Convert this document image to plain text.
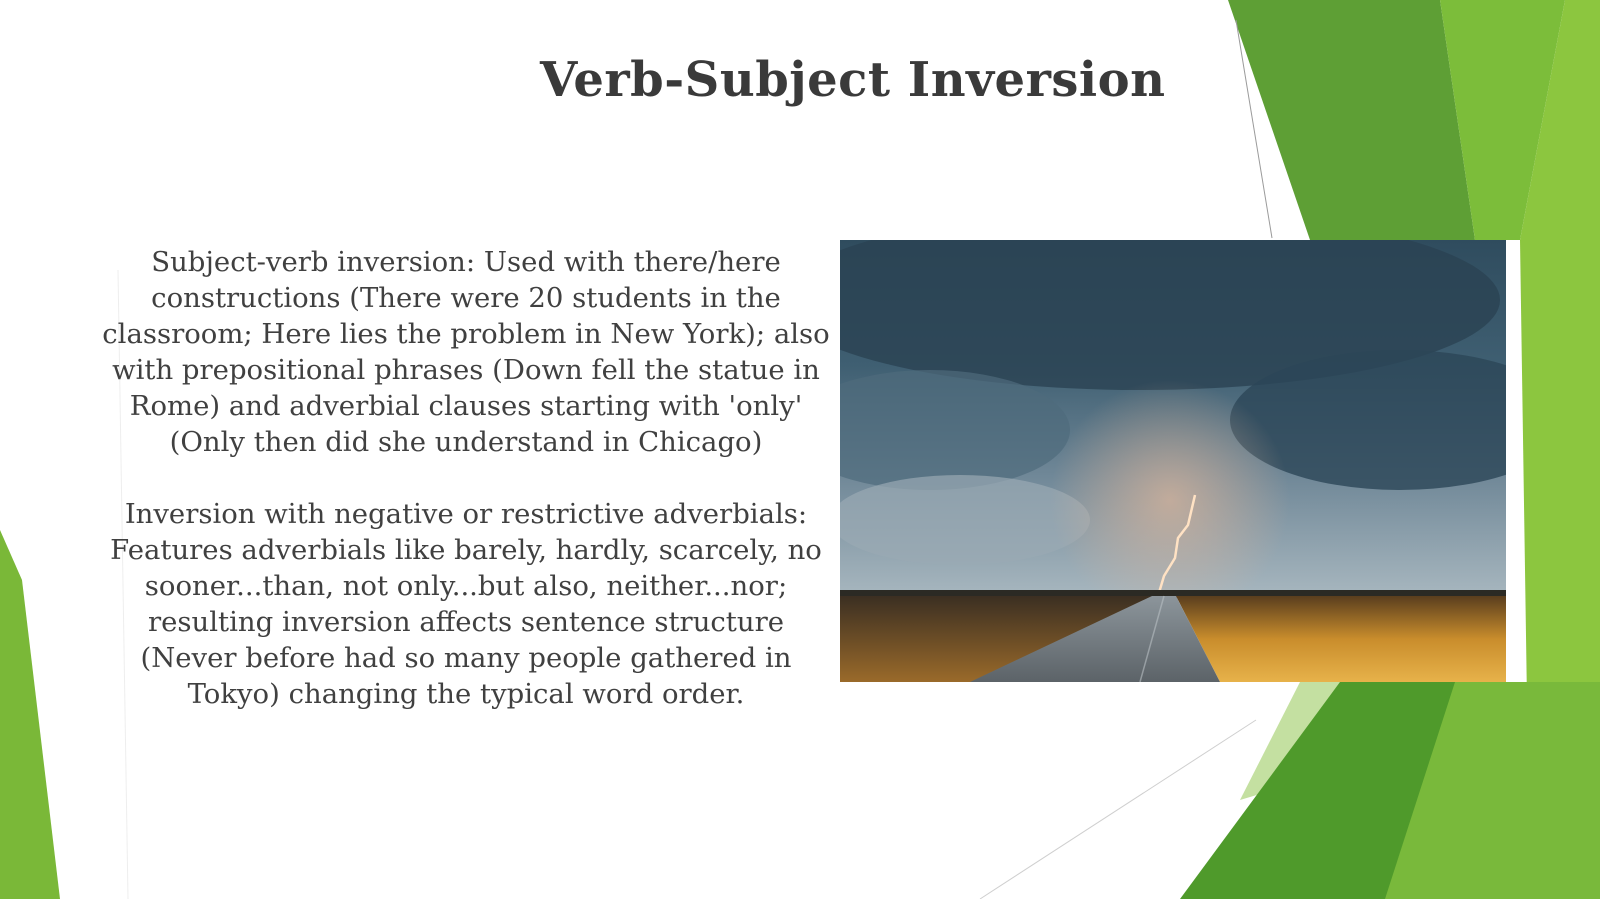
Verb-Subject Inversion

Subject-verb inversion: Used with there/here constructions (There were 20 students in the classroom; Here lies the problem in New York); also with prepositional phrases (Down fell the statue in Rome) and adverbial clauses starting with 'only' (Only then did she understand in Chicago)

Inversion with negative or restrictive adverbials: Features adverbials like barely, hardly, scarcely, no sooner...than, not only...but also, neither...nor; resulting inversion affects sentence structure (Never before had so many people gathered in Tokyo) changing the typical word order.
